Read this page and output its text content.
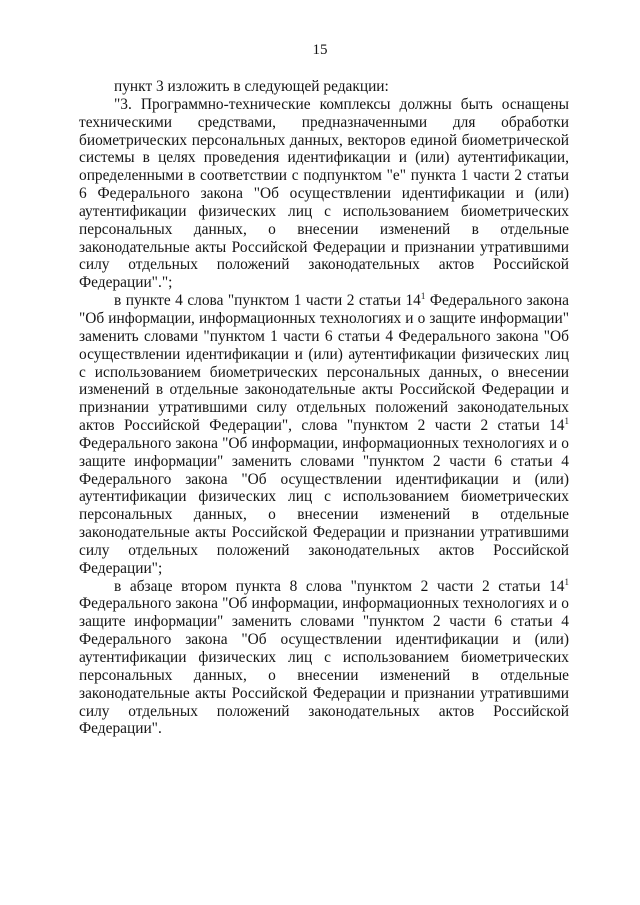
15

пункт 3 изложить в следующей редакции:

"3. Программно-технические комплексы должны быть оснащены техническими средствами, предназначенными для обработки биометрических персональных данных, векторов единой биометрической системы в целях проведения идентификации и (или) аутентификации, определенными в соответствии с подпунктом "е" пункта 1 части 2 статьи 6 Федерального закона "Об осуществлении идентификации и (или) аутентификации физических лиц с использованием биометрических персональных данных, о внесении изменений в отдельные законодательные акты Российской Федерации и признании утратившими силу отдельных положений законодательных актов Российской Федерации".";

в пункте 4 слова "пунктом 1 части 2 статьи $14^1$ Федерального закона "Об информации, информационных технологиях и о защите информации" заменить словами "пунктом 1 части 6 статьи 4 Федерального закона "Об осуществлении идентификации и (или) аутентификации физических лиц с использованием биометрических персональных данных, о внесении изменений в отдельные законодательные акты Российской Федерации и признании утратившими силу отдельных положений законодательных актов Российской Федерации", слова "пунктом 2 части 2 статьи $14^1$ Федерального закона "Об информации, информационных технологиях и о защите информации" заменить словами "пунктом 2 части 6 статьи 4 Федерального закона "Об осуществлении идентификации и (или) аутентификации физических лиц с использованием биометрических персональных данных, о внесении изменений в отдельные законодательные акты Российской Федерации и признании утратившими силу отдельных положений законодательных актов Российской Федерации";

в абзаце втором пункта 8 слова "пунктом 2 части 2 статьи $14^1$ Федерального закона "Об информации, информационных технологиях и о защите информации" заменить словами "пунктом 2 части 6 статьи 4 Федерального закона "Об осуществлении идентификации и (или) аутентификации физических лиц с использованием биометрических персональных данных, о внесении изменений в отдельные законодательные акты Российской Федерации и признании утратившими силу отдельных положений законодательных актов Российской Федерации".
